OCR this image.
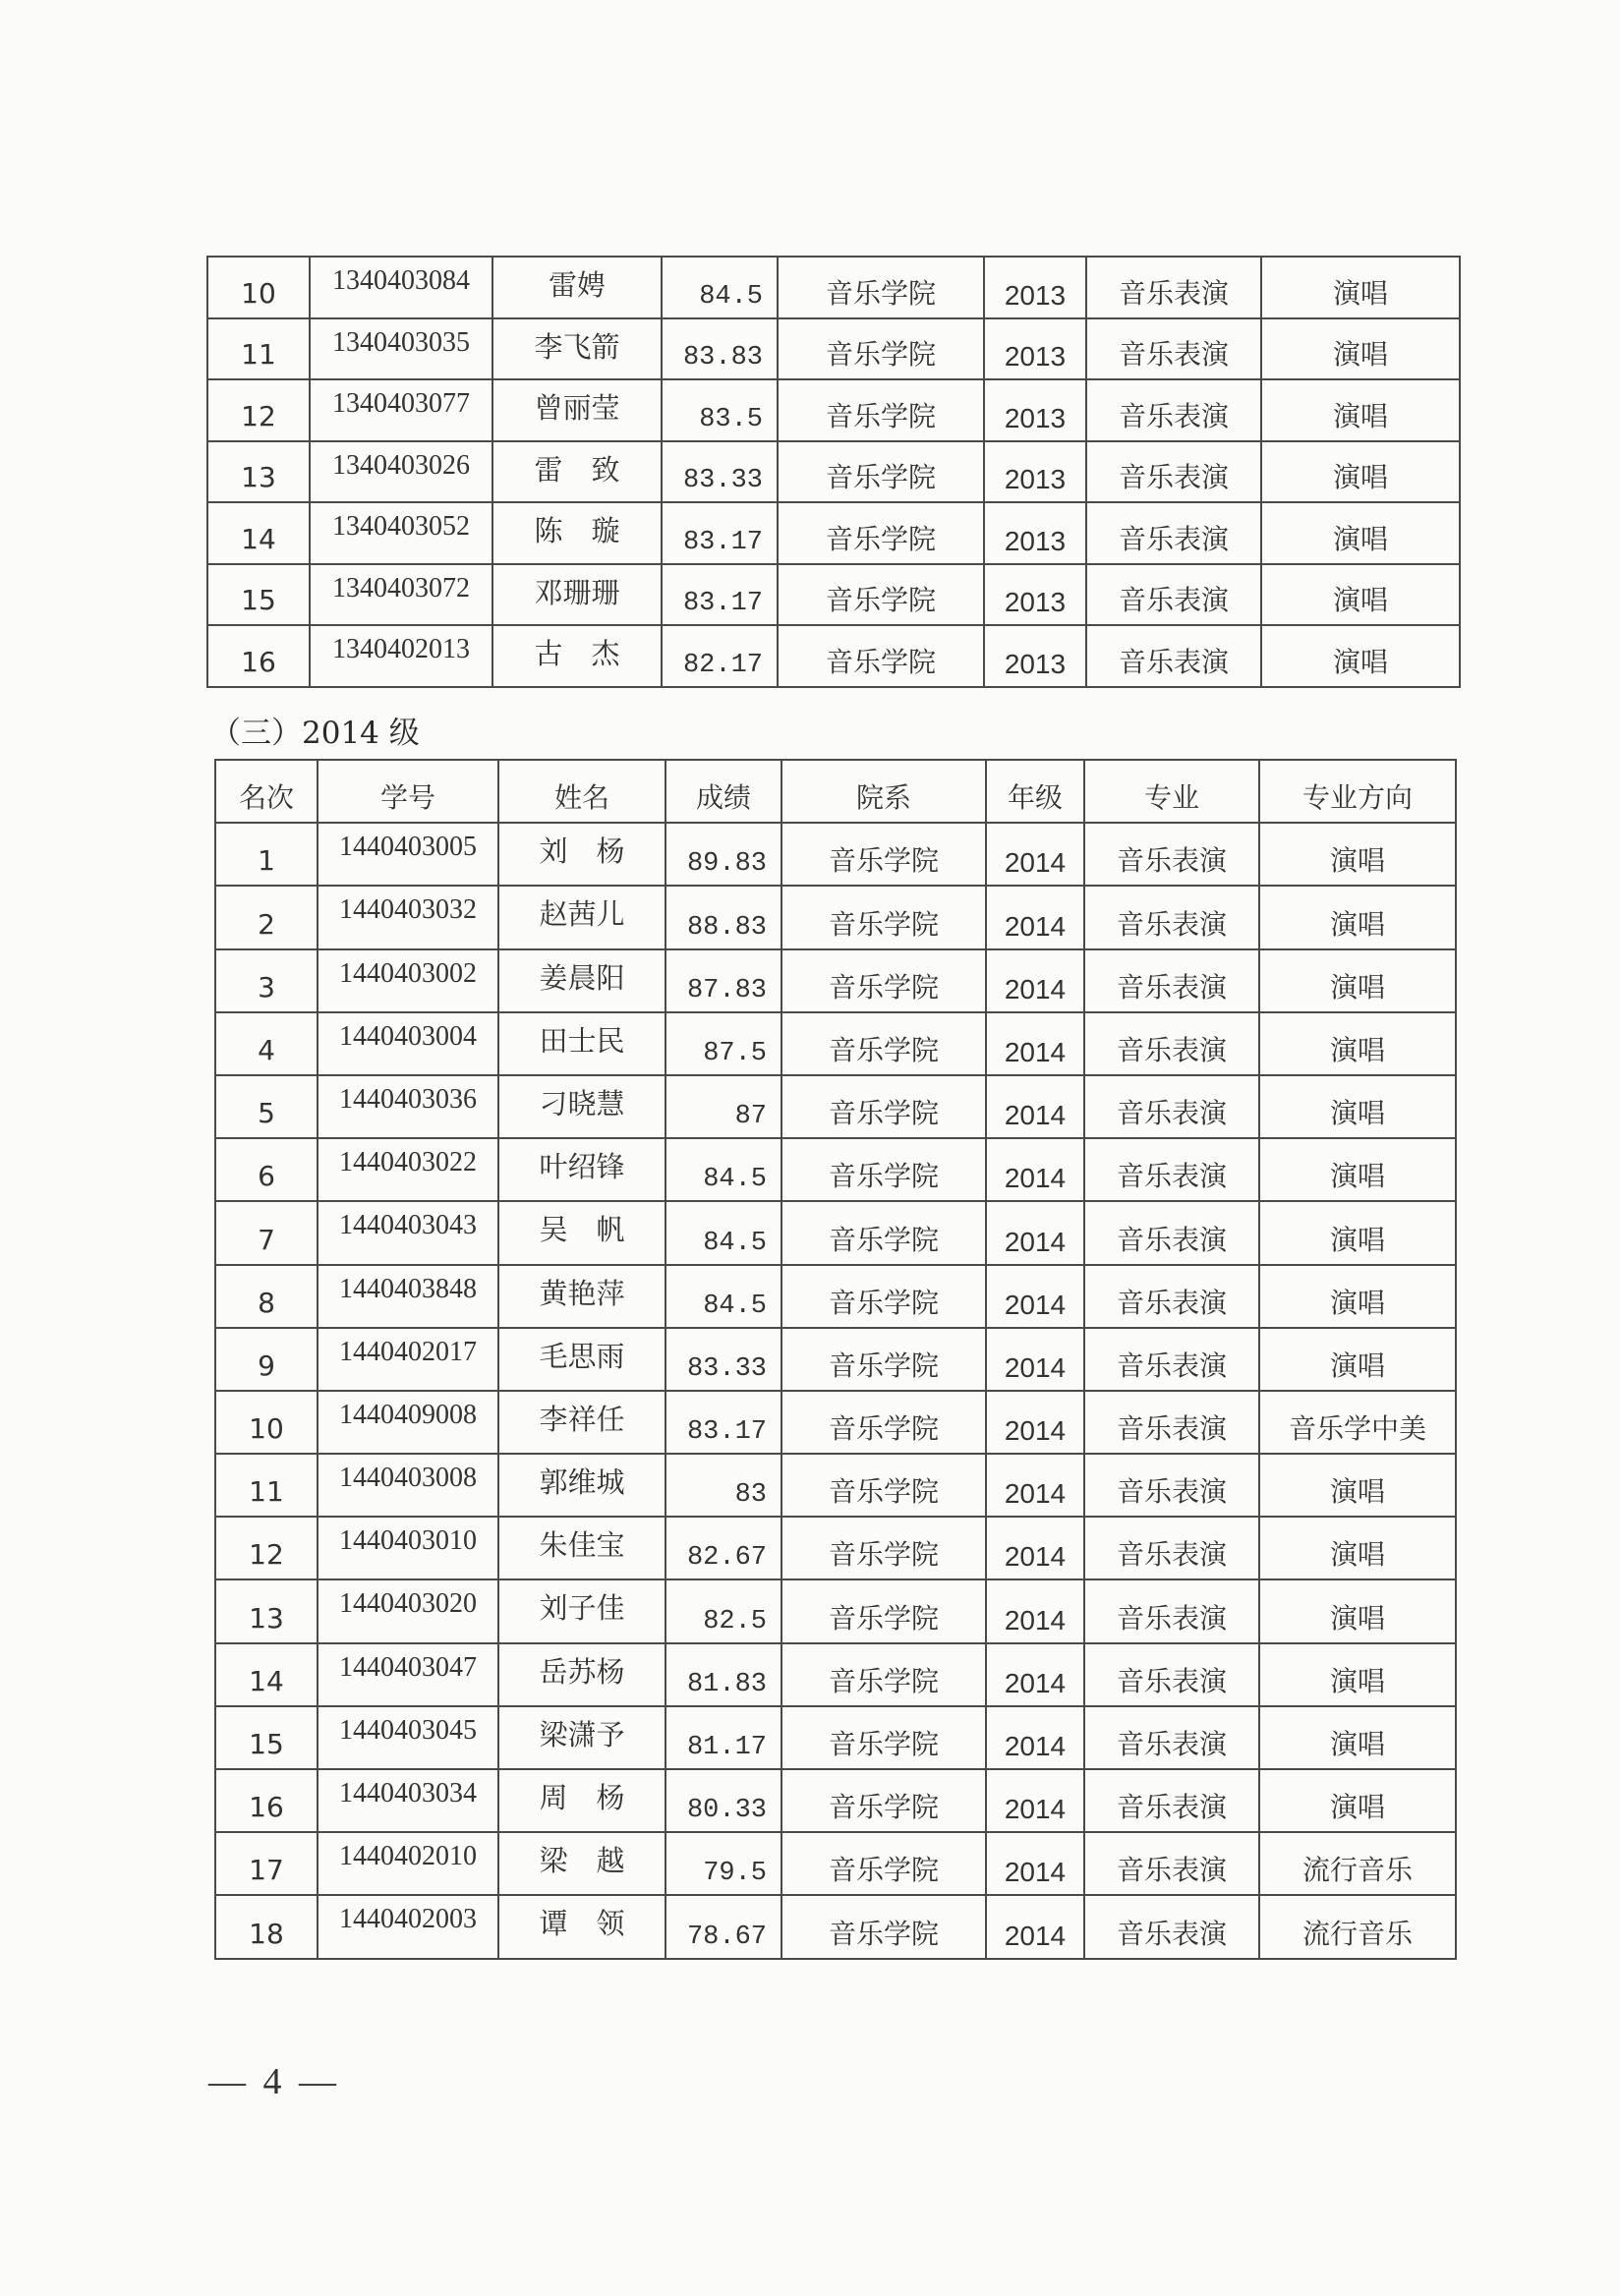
10	1340403084	雷娉	84.5	音乐学院	2013	音乐表演	演唱
11	1340403035	李飞箭	83.83	音乐学院	2013	音乐表演	演唱
12	1340403077	曾丽莹	83.5	音乐学院	2013	音乐表演	演唱
13	1340403026	雷　致	83.33	音乐学院	2013	音乐表演	演唱
14	1340403052	陈　璇	83.17	音乐学院	2013	音乐表演	演唱
15	1340403072	邓珊珊	83.17	音乐学院	2013	音乐表演	演唱
16	1340402013	古　杰	82.17	音乐学院	2013	音乐表演	演唱
（三）2014 级
名次	学号	姓名	成绩	院系	年级	专业	专业方向
1	1440403005	刘　杨	89.83	音乐学院	2014	音乐表演	演唱
2	1440403032	赵茜儿	88.83	音乐学院	2014	音乐表演	演唱
3	1440403002	姜晨阳	87.83	音乐学院	2014	音乐表演	演唱
4	1440403004	田士民	87.5	音乐学院	2014	音乐表演	演唱
5	1440403036	刁晓慧	87	音乐学院	2014	音乐表演	演唱
6	1440403022	叶绍锋	84.5	音乐学院	2014	音乐表演	演唱
7	1440403043	吴　帆	84.5	音乐学院	2014	音乐表演	演唱
8	1440403848	黄艳萍	84.5	音乐学院	2014	音乐表演	演唱
9	1440402017	毛思雨	83.33	音乐学院	2014	音乐表演	演唱
10	1440409008	李祥任	83.17	音乐学院	2014	音乐表演	音乐学中美
11	1440403008	郭维城	83	音乐学院	2014	音乐表演	演唱
12	1440403010	朱佳宝	82.67	音乐学院	2014	音乐表演	演唱
13	1440403020	刘子佳	82.5	音乐学院	2014	音乐表演	演唱
14	1440403047	岳苏杨	81.83	音乐学院	2014	音乐表演	演唱
15	1440403045	梁潇予	81.17	音乐学院	2014	音乐表演	演唱
16	1440403034	周　杨	80.33	音乐学院	2014	音乐表演	演唱
17	1440402010	梁　越	79.5	音乐学院	2014	音乐表演	流行音乐
18	1440402003	谭　领	78.67	音乐学院	2014	音乐表演	流行音乐
— 4 —
